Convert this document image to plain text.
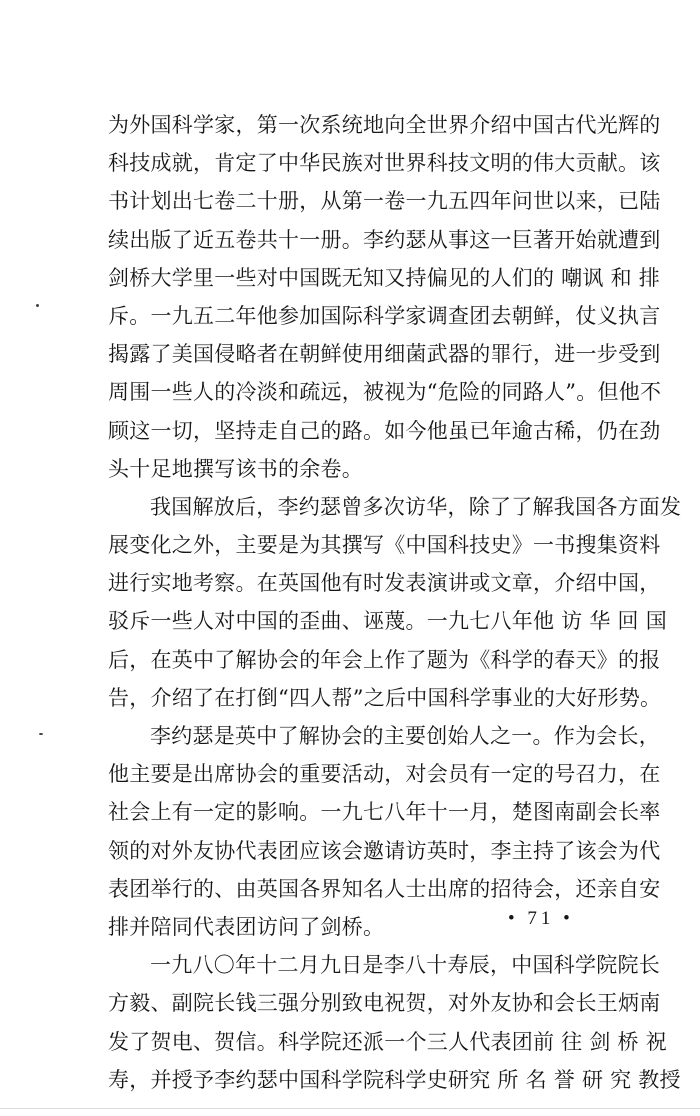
为外国科学家，第一次系统地向全世界介绍中国古代光辉的
科技成就，肯定了中华民族对世界科技文明的伟大贡献。该
书计划出七卷二十册，从第一卷一九五四年问世以来，已陆
续出版了近五卷共十一册。李约瑟从事这一巨著开始就遭到
剑桥大学里一些对中国既无知又持偏见的人们的 嘲讽 和 排
斥。一九五二年他参加国际科学家调查团去朝鲜，仗义执言
揭露了美国侵略者在朝鲜使用细菌武器的罪行，进一步受到
周围一些人的冷淡和疏远，被视为“危险的同路人”。但他不
顾这一切，坚持走自己的路。如今他虽已年逾古稀，仍在劲
头十足地撰写该书的余卷。
我国解放后，李约瑟曾多次访华，除了了解我国各方面发
展变化之外，主要是为其撰写《中国科技史》一书搜集资料
进行实地考察。在英国他有时发表演讲或文章，介绍中国，
驳斥一些人对中国的歪曲、诬蔑。一九七八年他 访 华 回 国
后，在英中了解协会的年会上作了题为《科学的春天》的报
告，介绍了在打倒“四人帮”之后中国科学事业的大好形势。
李约瑟是英中了解协会的主要创始人之一。作为会长，
他主要是出席协会的重要活动，对会员有一定的号召力，在
社会上有一定的影响。一九七八年十一月，楚图南副会长率
领的对外友协代表团应该会邀请访英时，李主持了该会为代
表团举行的、由英国各界知名人士出席的招待会，还亲自安
排并陪同代表团访问了剑桥。
一九八〇年十二月九日是李八十寿辰，中国科学院院长
方毅、副院长钱三强分别致电祝贺，对外友协和会长王炳南
发了贺电、贺信。科学院还派一个三人代表团前 往 剑 桥 祝
寿，并授予李约瑟中国科学院科学史研究 所 名 誉 研 究 教授
• 71 •
